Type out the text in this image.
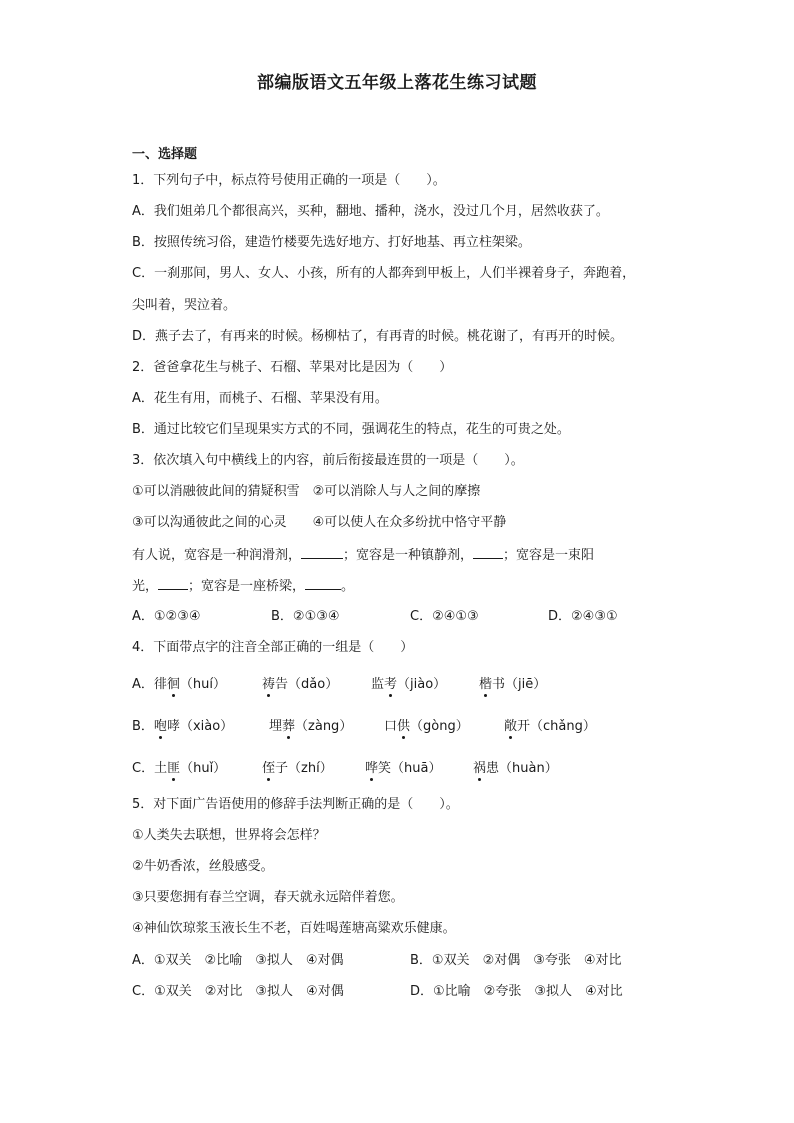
部编版语文五年级上落花生练习试题
一、选择题
1．下列句子中，标点符号使用正确的一项是（　　）。
A．我们姐弟几个都很高兴，买种，翻地、播种，浇水，没过几个月，居然收获了。
B．按照传统习俗，建造竹楼要先选好地方、打好地基、再立柱架梁。
C．一刹那间，男人、女人、小孩，所有的人都奔到甲板上，人们半裸着身子，奔跑着，
尖叫着，哭泣着。
D．燕子去了，有再来的时候。杨柳枯了，有再青的时候。桃花谢了，有再开的时候。
2．爸爸拿花生与桃子、石榴、苹果对比是因为（　　）
A．花生有用，而桃子、石榴、苹果没有用。
B．通过比较它们呈现果实方式的不同，强调花生的特点，花生的可贵之处。
3．依次填入句中横线上的内容，前后衔接最连贯的一项是（　　）。
①可以消融彼此间的猜疑积雪　②可以消除人与人之间的摩擦
③可以沟通彼此之间的心灵　　④可以使人在众多纷扰中恪守平静
有人说，宽容是一种润滑剂，	；宽容是一种镇静剂， ；宽容是一束阳
光， ；宽容是一座桥梁，	。
A．①②③④	B．②①③④	C．②④①③	D．②④③①
4．下面带点字的注音全部正确的一组是（　　）
A．徘徊（huí）	祷告（dǎo）	监考（jiào）	楷书（jiē）
B．咆哮（xiào）	埋葬（zàng） 口供（gòng）	敞开（chǎng）
C．土匪（huǐ）	侄子（zhí） 哗笑（huā） 祸患（huàn）
5．对下面广告语使用的修辞手法判断正确的是（　　）。
①人类失去联想，世界将会怎样？
②牛奶香浓，丝般感受。
③只要您拥有春兰空调，春天就永远陪伴着您。
④神仙饮琼浆玉液长生不老，百姓喝莲塘高粱欢乐健康。
A．①双关　②比喻　③拟人　④对偶	B．①双关　②对偶　③夸张　④对比
C．①双关　②对比　③拟人　④对偶	D．①比喻　②夸张　③拟人　④对比
